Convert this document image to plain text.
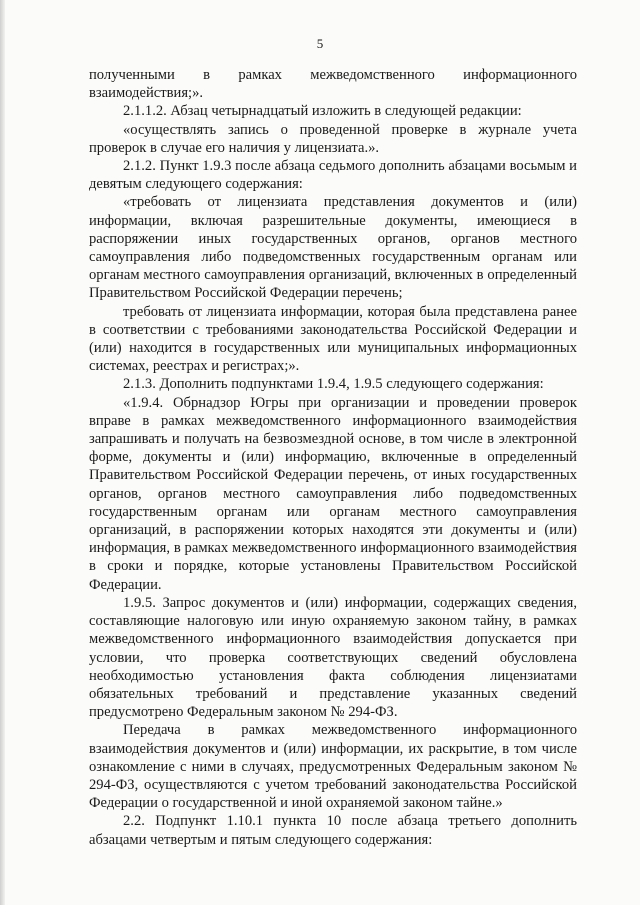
5

полученными в рамках межведомственного информационного взаимодействия;».

2.1.1.2. Абзац четырнадцатый изложить в следующей редакции:

«осуществлять запись о проведенной проверке в журнале учета проверок в случае его наличия у лицензиата.».

2.1.2. Пункт 1.9.3 после абзаца седьмого дополнить абзацами восьмым и девятым следующего содержания:

«требовать от лицензиата представления документов и (или) информации, включая разрешительные документы, имеющиеся в распоряжении иных государственных органов, органов местного самоуправления либо подведомственных государственным органам или органам местного самоуправления организаций, включенных в определенный Правительством Российской Федерации перечень;

требовать от лицензиата информации, которая была представлена ранее в соответствии с требованиями законодательства Российской Федерации и (или) находится в государственных или муниципальных информационных системах, реестрах и регистрах;».

2.1.3. Дополнить подпунктами 1.9.4, 1.9.5 следующего содержания:

«1.9.4. Обрнадзор Югры при организации и проведении проверок вправе в рамках межведомственного информационного взаимодействия запрашивать и получать на безвозмездной основе, в том числе в электронной форме, документы и (или) информацию, включенные в определенный Правительством Российской Федерации перечень, от иных государственных органов, органов местного самоуправления либо подведомственных государственным органам или органам местного самоуправления организаций, в распоряжении которых находятся эти документы и (или) информация, в рамках межведомственного информационного взаимодействия в сроки и порядке, которые установлены Правительством Российской Федерации.

1.9.5. Запрос документов и (или) информации, содержащих сведения, составляющие налоговую или иную охраняемую законом тайну, в рамках межведомственного информационного взаимодействия допускается при условии, что проверка соответствующих сведений обусловлена необходимостью установления факта соблюдения лицензиатами обязательных требований и представление указанных сведений предусмотрено Федеральным законом № 294-ФЗ.

Передача в рамках межведомственного информационного взаимодействия документов и (или) информации, их раскрытие, в том числе ознакомление с ними в случаях, предусмотренных Федеральным законом № 294-ФЗ, осуществляются с учетом требований законодательства Российской Федерации о государственной и иной охраняемой законом тайне.»

2.2. Подпункт 1.10.1 пункта 10 после абзаца третьего дополнить абзацами четвертым и пятым следующего содержания:
